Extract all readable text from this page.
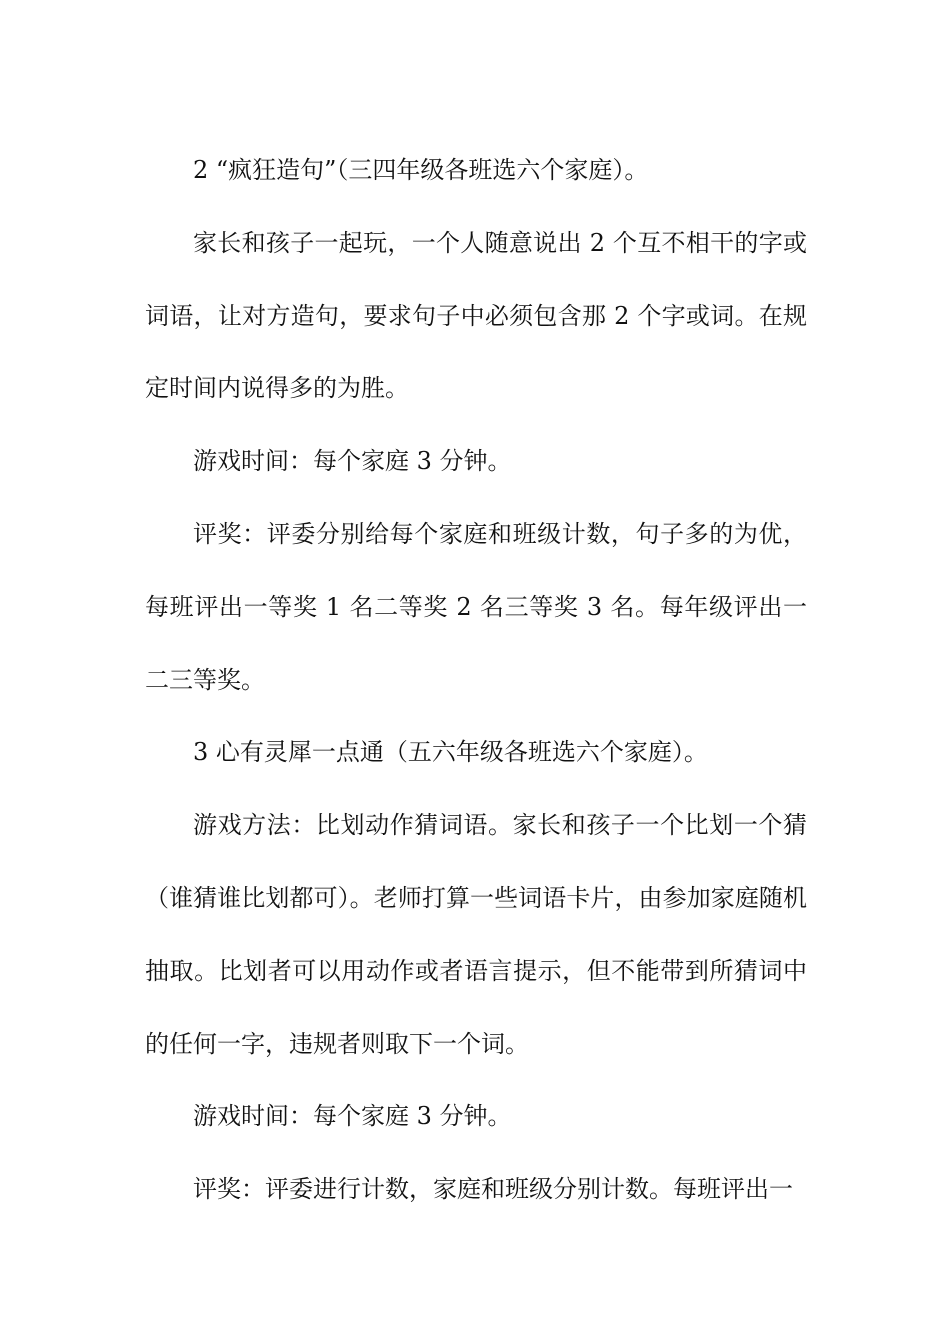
2 “疯狂造句”（三四年级各班选六个家庭）。

家长和孩子一起玩，一个人随意说出 2 个互不相干的字或词语，让对方造句，要求句子中必须包含那 2 个字或词。在规定时间内说得多的为胜。

游戏时间：每个家庭 3 分钟。

评奖：评委分别给每个家庭和班级计数，句子多的为优，每班评出一等奖 1 名二等奖 2 名三等奖 3 名。每年级评出一二三等奖。

3 心有灵犀一点通（五六年级各班选六个家庭）。

游戏方法：比划动作猜词语。家长和孩子一个比划一个猜（谁猜谁比划都可）。老师打算一些词语卡片，由参加家庭随机抽取。比划者可以用动作或者语言提示，但不能带到所猜词中的任何一字，违规者则取下一个词。

游戏时间：每个家庭 3 分钟。

评奖：评委进行计数，家庭和班级分别计数。每班评出一
